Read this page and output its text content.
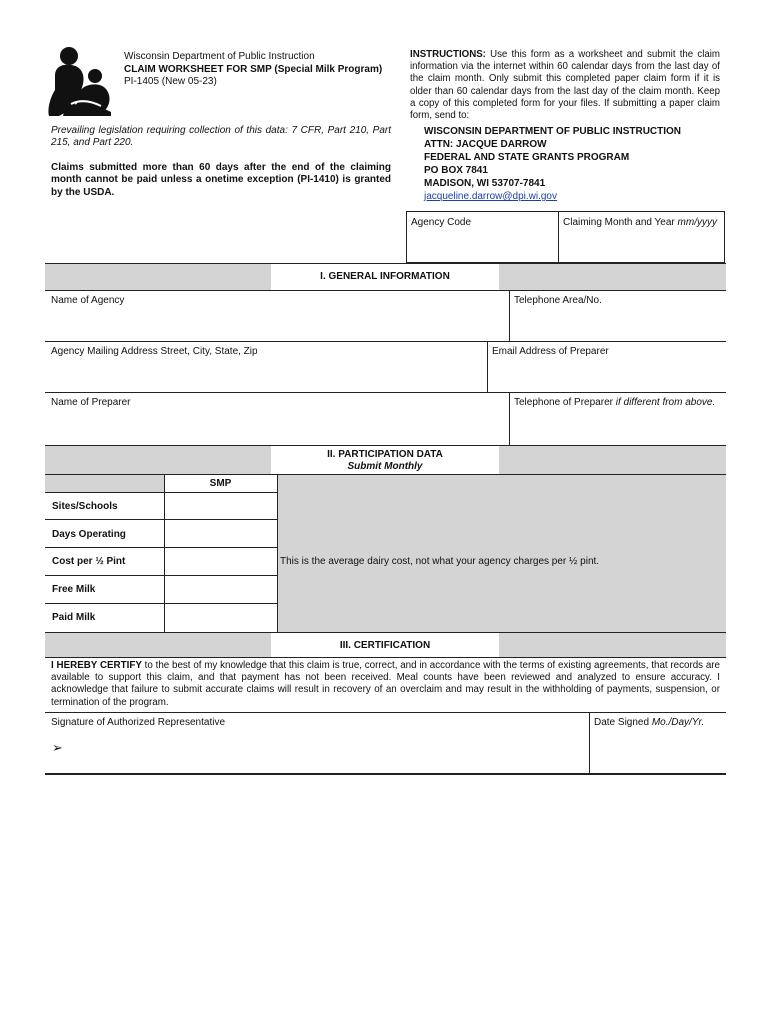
Wisconsin Department of Public Instruction
CLAIM WORKSHEET FOR SMP (Special Milk Program)
PI-1405 (New 05-23)
INSTRUCTIONS: Use this form as a worksheet and submit the claim information via the internet within 60 calendar days from the last day of the claim month. Only submit this completed paper claim form if it is older than 60 calendar days from the last day of the claim month. Keep a copy of this completed form for your files. If submitting a paper claim form, send to:
WISCONSIN DEPARTMENT OF PUBLIC INSTRUCTION
ATTN: JACQUE DARROW
FEDERAL AND STATE GRANTS PROGRAM
PO BOX 7841
MADISON, WI 53707-7841
jacqueline.darrow@dpi.wi.gov
Prevailing legislation requiring collection of this data: 7 CFR, Part 210, Part 215, and Part 220.
Claims submitted more than 60 days after the end of the claiming month cannot be paid unless a onetime exception (PI-1410) is granted by the USDA.
Agency Code	Claiming Month and Year mm/yyyy
I. GENERAL INFORMATION
Name of Agency	Telephone Area/No.
Agency Mailing Address Street, City, State, Zip	Email Address of Preparer
Name of Preparer	Telephone of Preparer if different from above.
II. PARTICIPATION DATA
Submit Monthly
SMP
Sites/Schools
Days Operating
Cost per ½ Pint
Free Milk
Paid Milk
This is the average dairy cost, not what your agency charges per ½ pint.
III. CERTIFICATION
I HEREBY CERTIFY to the best of my knowledge that this claim is true, correct, and in accordance with the terms of existing agreements, that records are available to support this claim, and that payment has not been received. Meal counts have been reviewed and analyzed to ensure accuracy. I acknowledge that failure to submit accurate claims will result in recovery of an overclaim and may result in the withholding of payments, suspension, or termination of the program.
Signature of Authorized Representative
➢
Date Signed Mo./Day/Yr.
